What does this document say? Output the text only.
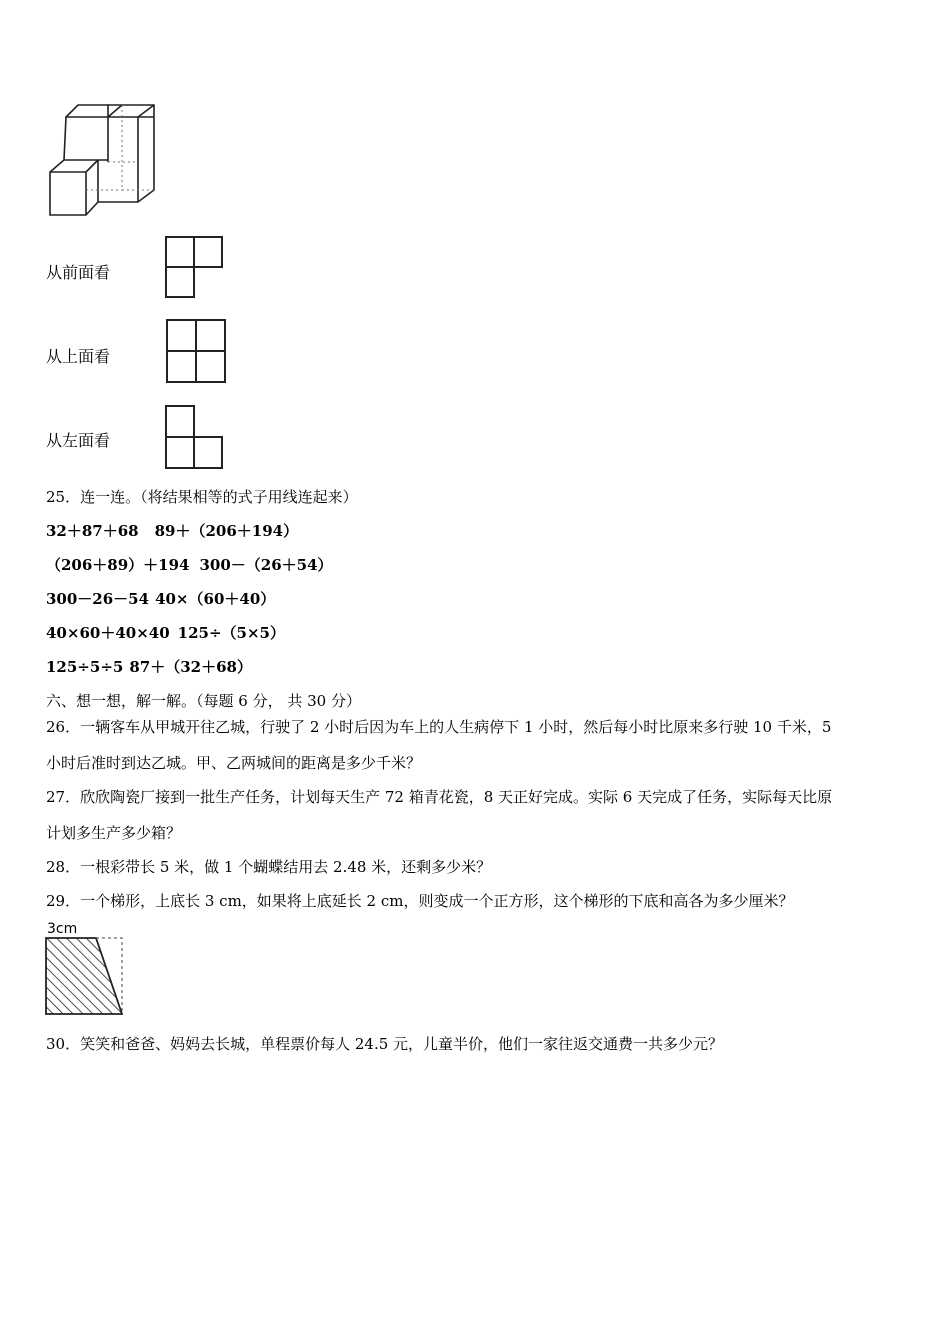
从前面看
从上面看
从左面看
25．连一连。（将结果相等的式子用线连起来）
32＋87＋68 89＋（206＋194）
（206＋89）＋194 300－（26＋54）
300－26－54 40×（60＋40）
40×60＋40×40 125÷（5×5）
125÷5÷5 87＋（32＋68）
六、想一想，解一解。（每题 6 分， 共 30 分）
26．一辆客车从甲城开往乙城，行驶了 2 小时后因为车上的人生病停下 1 小时，然后每小时比原来多行驶 10 千米，5
小时后准时到达乙城。甲、乙两城间的距离是多少千米？
27．欣欣陶瓷厂接到一批生产任务，计划每天生产 72 箱青花瓷，8 天正好完成。实际 6 天完成了任务，实际每天比原
计划多生产多少箱？
28．一根彩带长 5 米，做 1 个蝴蝶结用去 2.48 米，还剩多少米？
29．一个梯形，上底长 3 cm，如果将上底延长 2 cm，则变成一个正方形，这个梯形的下底和高各为多少厘米？
3cm
30．笑笑和爸爸、妈妈去长城，单程票价每人 24.5 元，儿童半价，他们一家往返交通费一共多少元？
